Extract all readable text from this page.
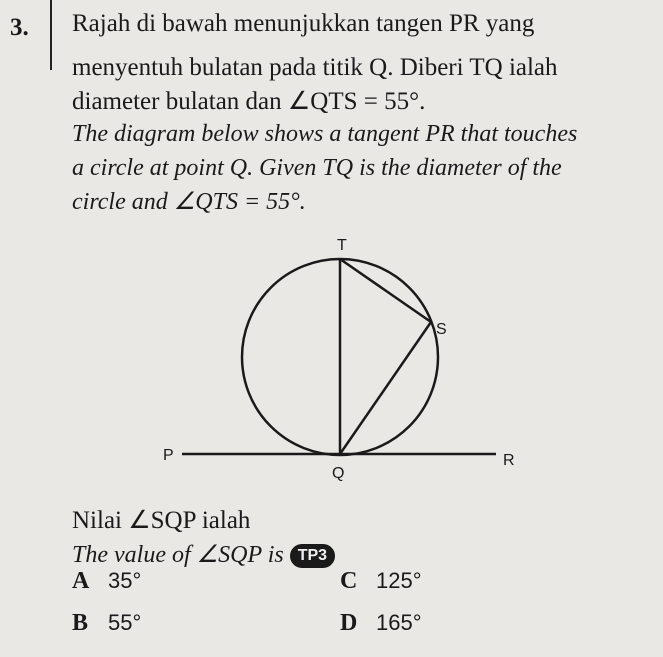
3. Rajah di bawah menunjukkan tangen PR yang
menyentuh bulatan pada titik Q. Diberi TQ ialah
diameter bulatan dan ∠QTS = 55°.
The diagram below shows a tangent PR that touches
a circle at point Q. Given TQ is the diameter of the
circle and ∠QTS = 55°.
T
S
P
Q
R
Nilai ∠SQP ialah
The value of ∠SQP is TP3
A 35°
B 55°
C 125°
D 165°
